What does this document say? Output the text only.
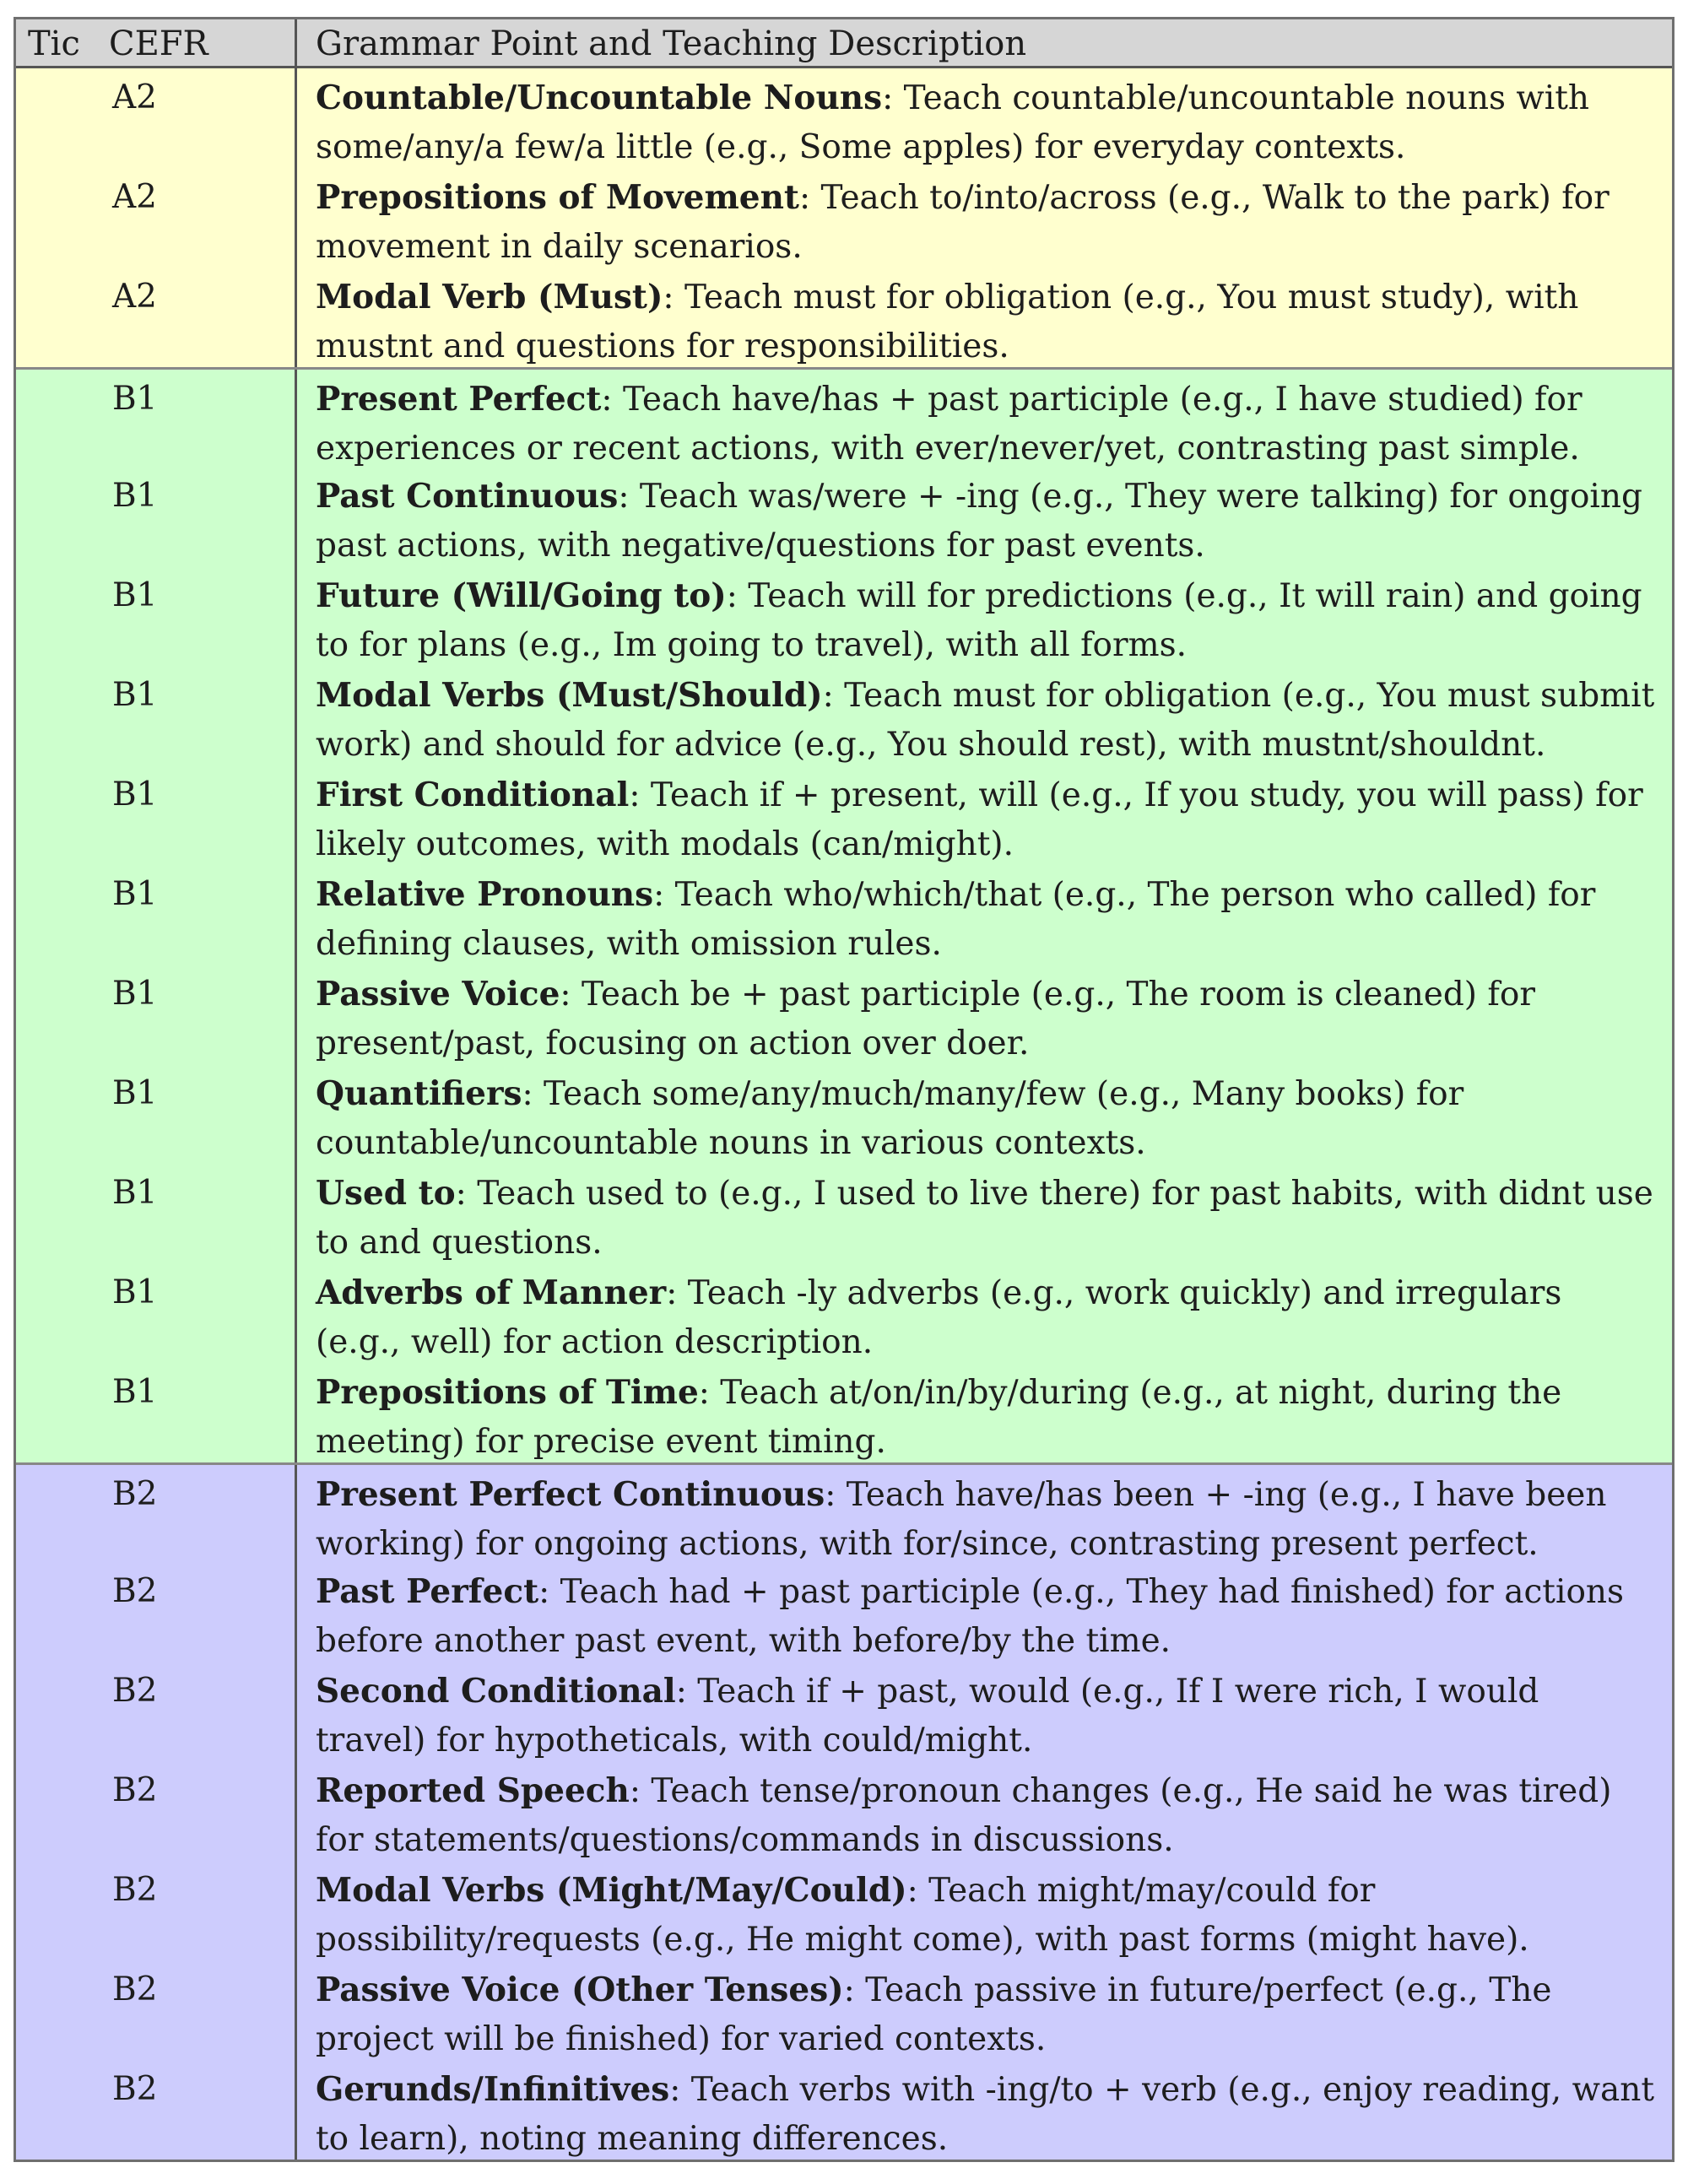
Tic CEFR	Grammar Point and Teaching Description
A2	Countable/Uncountable Nouns: Teach countable/uncountable nouns with some/any/a few/a little (e.g., Some apples) for everyday contexts.
A2	Prepositions of Movement: Teach to/into/across (e.g., Walk to the park) for movement in daily scenarios.
A2	Modal Verb (Must): Teach must for obligation (e.g., You must study), with mustnt and questions for responsibilities.
B1	Present Perfect: Teach have/has + past participle (e.g., I have studied) for experiences or recent actions, with ever/never/yet, contrasting past simple.
B1	Past Continuous: Teach was/were + -ing (e.g., They were talking) for ongoing past actions, with negative/questions for past events.
B1	Future (Will/Going to): Teach will for predictions (e.g., It will rain) and going to for plans (e.g., Im going to travel), with all forms.
B1	Modal Verbs (Must/Should): Teach must for obligation (e.g., You must submit work) and should for advice (e.g., You should rest), with mustnt/shouldnt.
B1	First Conditional: Teach if + present, will (e.g., If you study, you will pass) for likely outcomes, with modals (can/might).
B1	Relative Pronouns: Teach who/which/that (e.g., The person who called) for defining clauses, with omission rules.
B1	Passive Voice: Teach be + past participle (e.g., The room is cleaned) for present/past, focusing on action over doer.
B1	Quantifiers: Teach some/any/much/many/few (e.g., Many books) for countable/uncountable nouns in various contexts.
B1	Used to: Teach used to (e.g., I used to live there) for past habits, with didnt use to and questions.
B1	Adverbs of Manner: Teach -ly adverbs (e.g., work quickly) and irregulars (e.g., well) for action description.
B1	Prepositions of Time: Teach at/on/in/by/during (e.g., at night, during the meeting) for precise event timing.
B2	Present Perfect Continuous: Teach have/has been + -ing (e.g., I have been working) for ongoing actions, with for/since, contrasting present perfect.
B2	Past Perfect: Teach had + past participle (e.g., They had finished) for actions before another past event, with before/by the time.
B2	Second Conditional: Teach if + past, would (e.g., If I were rich, I would travel) for hypotheticals, with could/might.
B2	Reported Speech: Teach tense/pronoun changes (e.g., He said he was tired) for statements/questions/commands in discussions.
B2	Modal Verbs (Might/May/Could): Teach might/may/could for possibility/requests (e.g., He might come), with past forms (might have).
B2	Passive Voice (Other Tenses): Teach passive in future/perfect (e.g., The project will be finished) for varied contexts.
B2	Gerunds/Infinitives: Teach verbs with -ing/to + verb (e.g., enjoy reading, want to learn), noting meaning differences.
